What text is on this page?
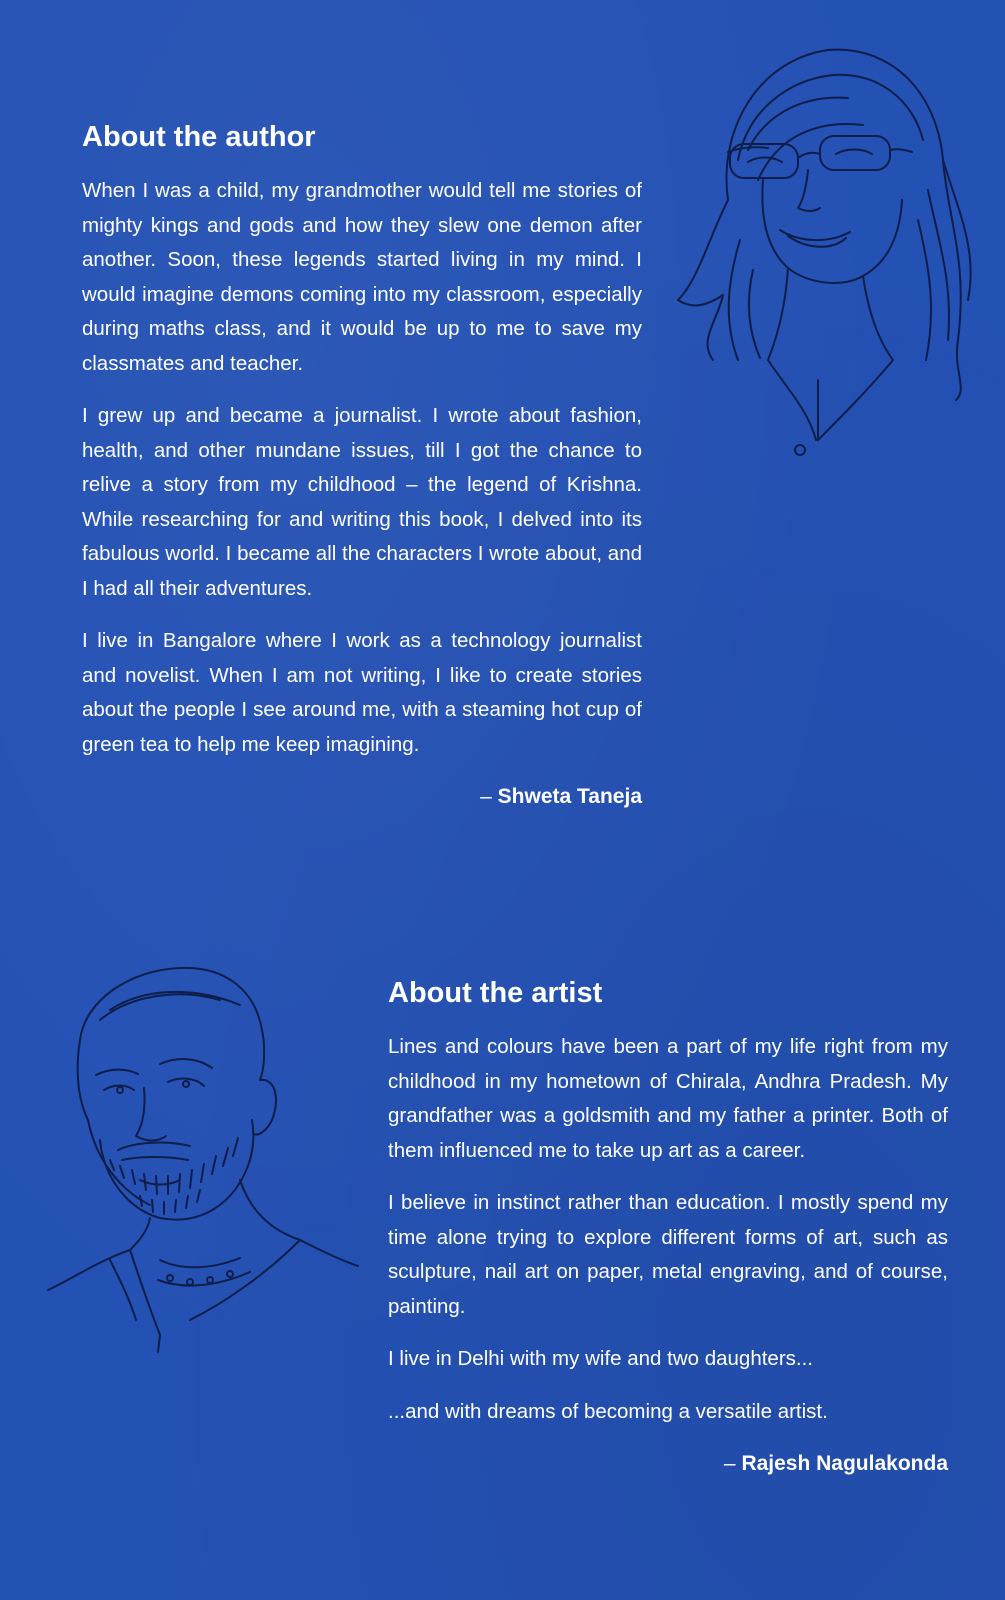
About the author

When I was a child, my grandmother would tell me stories of mighty kings and gods and how they slew one demon after another. Soon, these legends started living in my mind. I would imagine demons coming into my classroom, especially during maths class, and it would be up to me to save my classmates and teacher.

I grew up and became a journalist. I wrote about fashion, health, and other mundane issues, till I got the chance to relive a story from my childhood – the legend of Krishna. While researching for and writing this book, I delved into its fabulous world. I became all the characters I wrote about, and I had all their adventures.

I live in Bangalore where I work as a technology journalist and novelist. When I am not writing, I like to create stories about the people I see around me, with a steaming hot cup of green tea to help me keep imagining.

– Shweta Taneja
About the artist

Lines and colours have been a part of my life right from my childhood in my hometown of Chirala, Andhra Pradesh. My grandfather was a goldsmith and my father a printer. Both of them influenced me to take up art as a career.

I believe in instinct rather than education. I mostly spend my time alone trying to explore different forms of art, such as sculpture, nail art on paper, metal engraving, and of course, painting.

I live in Delhi with my wife and two daughters...

...and with dreams of becoming a versatile artist.

– Rajesh Nagulakonda
